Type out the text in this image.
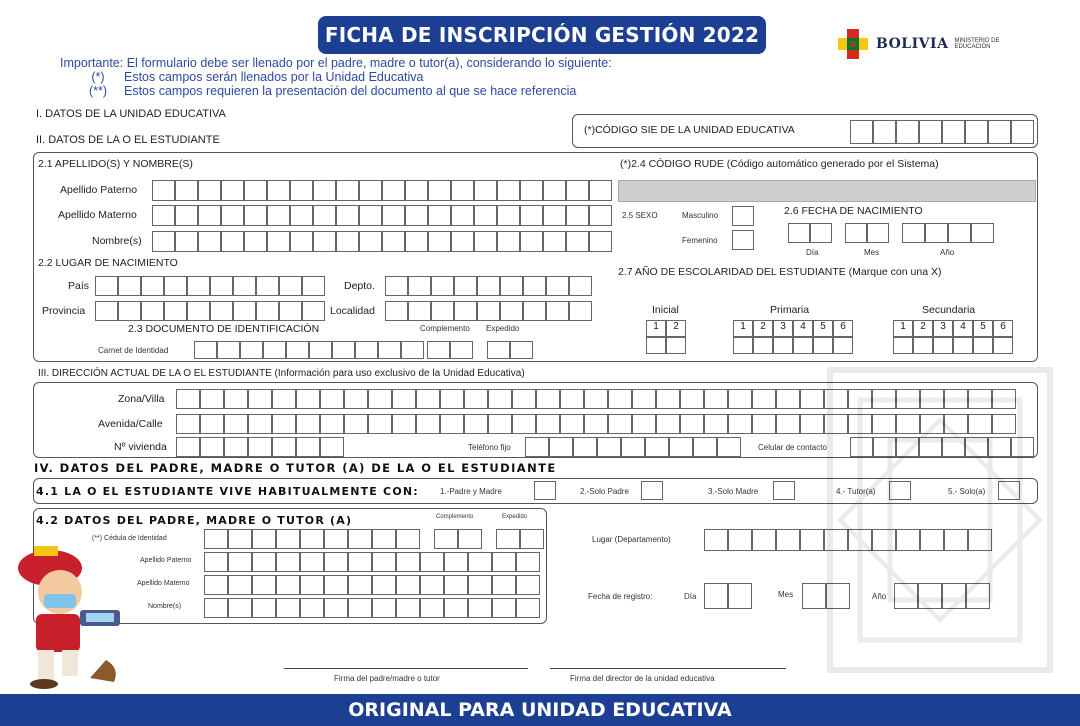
FICHA DE INSCRIPCIÓN GESTIÓN 2022	BOLIVIA MINISTERIO DE EDUCACIÓN
Importante: El formulario debe ser llenado por el padre, madre o tutor(a), considerando lo siguiente:
(*)	Estos campos serán llenados por la Unidad Educativa
(**) Estos campos requieren la presentación del documento al que se hace referencia
I. DATOS DE LA UNIDAD EDUCATIVA
II. DATOS DE LA O EL ESTUDIANTE
(*)CÓDIGO SIE DE LA UNIDAD EDUCATIVA
2.1 APELLIDO(S) Y NOMBRE(S)
Apellido Paterno
Apellido Materno
Nombre(s)
(*)2.4 CÓDIGO RUDE (Código automático generado por el Sistema)
2.5 SEXO	Masculino
Femenino
2.6 FECHA DE NACIMIENTO
Día	Mes	Año
2.2 LUGAR DE NACIMIENTO
País	Depto.
Provincia	Localidad
2.3 DOCUMENTO DE IDENTIFICACIÓN	Complemento Expedido
Carnet de Identidad
2.7 AÑO DE ESCOLARIDAD DEL ESTUDIANTE (Marque con una X)
Inicial	Primaria	Secundaria
1	2	1	2	3	4	5	6	1	2	3	4	5	6
III. DIRECCIÓN ACTUAL DE LA O EL ESTUDIANTE (Información para uso exclusivo de la Unidad Educativa)
Zona/Villa
Avenida/Calle
Nº vivienda	Teléfono fijo	Celular de contacto
IV. DATOS DEL PADRE, MADRE O TUTOR (A) DE LA O EL ESTUDIANTE
4.1 LA O EL ESTUDIANTE VIVE HABITUALMENTE CON:	1.-Padre y Madre	2.-Solo Padre	3.-Solo Madre	4.- Tutor(a)	5.- Solo(a)
4.2 DATOS DEL PADRE, MADRE O TUTOR (A)	Complemento	Expedido
(**) Cédula de Identidad
Apellido Paterno
Apellido Materno
Nombre(s)
Lugar (Departamento)
Fecha de registro:	Día	Mes	Año
Firma del padre/madre o tutor	Firma del director de la unidad educativa
ORIGINAL PARA UNIDAD EDUCATIVA
